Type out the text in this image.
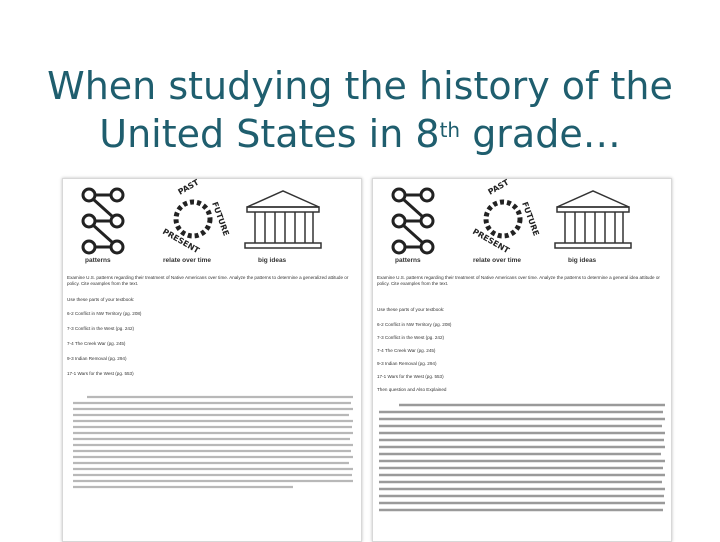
When studying the history of the
United States in 8th grade…
patterns
PAST
FUTURE
PRESENT
relate over time	big ideas
Examine U.S. patterns regarding their treatment of Native Americans over time. Analyze the patterns to determine a generalized attitude or policy. Cite examples from the text.
Use these parts of your textbook:
6-2 Conflict in NW Territory (pg. 208)
7-3 Conflict in the West (pg. 242)
7-4 The Creek War (pg. 245)
9-3 Indian Removal (pg. 294)
17-1 Wars for the West (pg. 553)
patterns
PAST
FUTURE
PRESENT
relate over time	big ideas
Examine U.S. patterns regarding their treatment of Native Americans over time. Analyze the patterns to determine a general idea attitude or policy. Cite examples from the text.
Use these parts of your textbook:
6-2 Conflict in NW Territory (pg. 208)
7-3 Conflict in the West (pg. 242)
7-4 The Creek War (pg. 245)
9-3 Indian Removal (pg. 294)
17-1 Wars for the West (pg. 553)
Then question and Also Explained
